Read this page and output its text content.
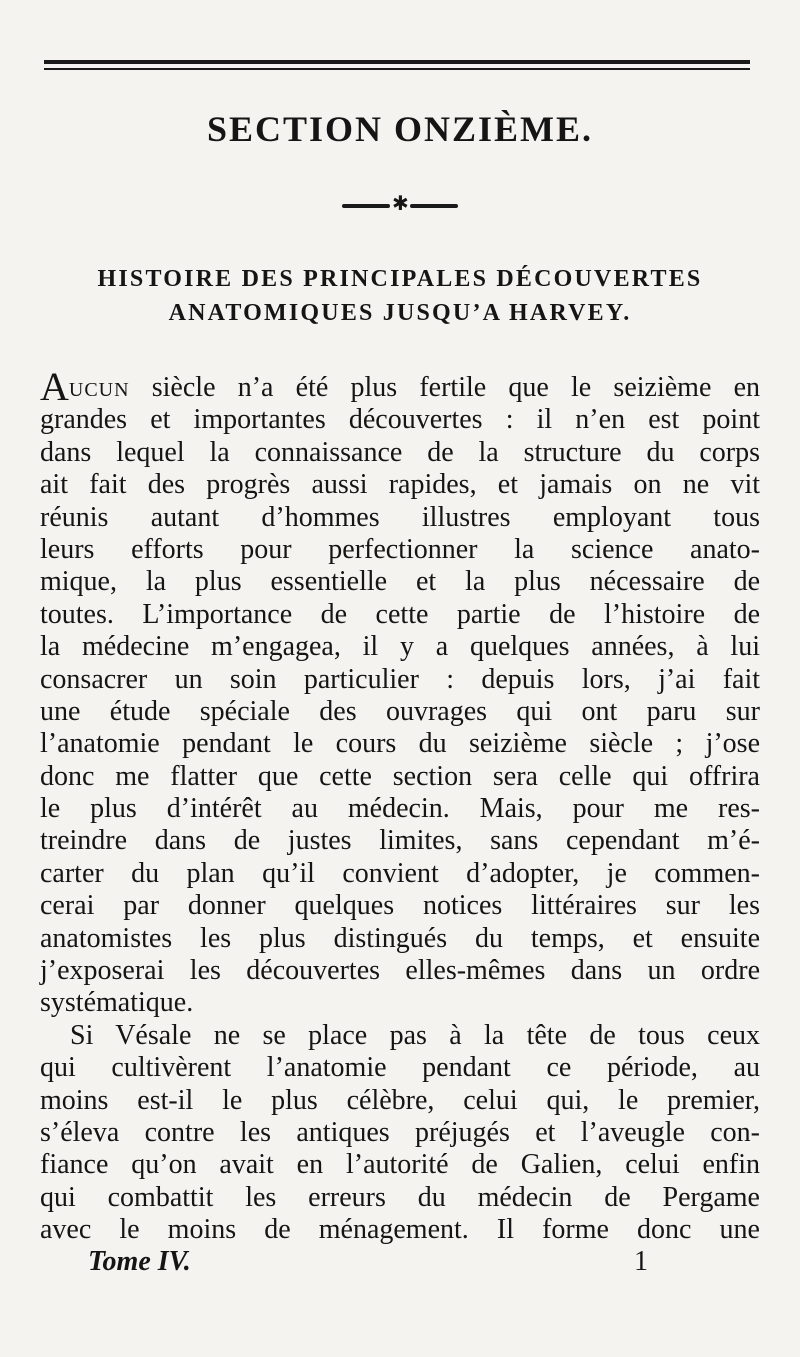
SECTION ONZIÈME.
✱
HISTOIRE DES PRINCIPALES DÉCOUVERTES
ANATOMIQUES JUSQU’A HARVEY.
AUCUN siècle n’a été plus fertile que le seizième en
grandes et importantes découvertes : il n’en est point
dans lequel la connaissance de la structure du corps
ait fait des progrès aussi rapides, et jamais on ne vit
réunis autant d’hommes illustres employant tous
leurs efforts pour perfectionner la science anato-
mique, la plus essentielle et la plus nécessaire de
toutes. L’importance de cette partie de l’histoire de
la médecine m’engagea, il y a quelques années, à lui
consacrer un soin particulier : depuis lors, j’ai fait
une étude spéciale des ouvrages qui ont paru sur
l’anatomie pendant le cours du seizième siècle ; j’ose
donc me flatter que cette section sera celle qui offrira
le plus d’intérêt au médecin. Mais, pour me res-
treindre dans de justes limites, sans cependant m’é-
carter du plan qu’il convient d’adopter, je commen-
cerai par donner quelques notices littéraires sur les
anatomistes les plus distingués du temps, et ensuite
j’exposerai les découvertes elles-mêmes dans un ordre
systématique.
Si Vésale ne se place pas à la tête de tous ceux
qui cultivèrent l’anatomie pendant ce période, au
moins est-il le plus célèbre, celui qui, le premier,
s’éleva contre les antiques préjugés et l’aveugle con-
fiance qu’on avait en l’autorité de Galien, celui enfin
qui combattit les erreurs du médecin de Pergame
avec le moins de ménagement. Il forme donc une
Tome IV.	1
